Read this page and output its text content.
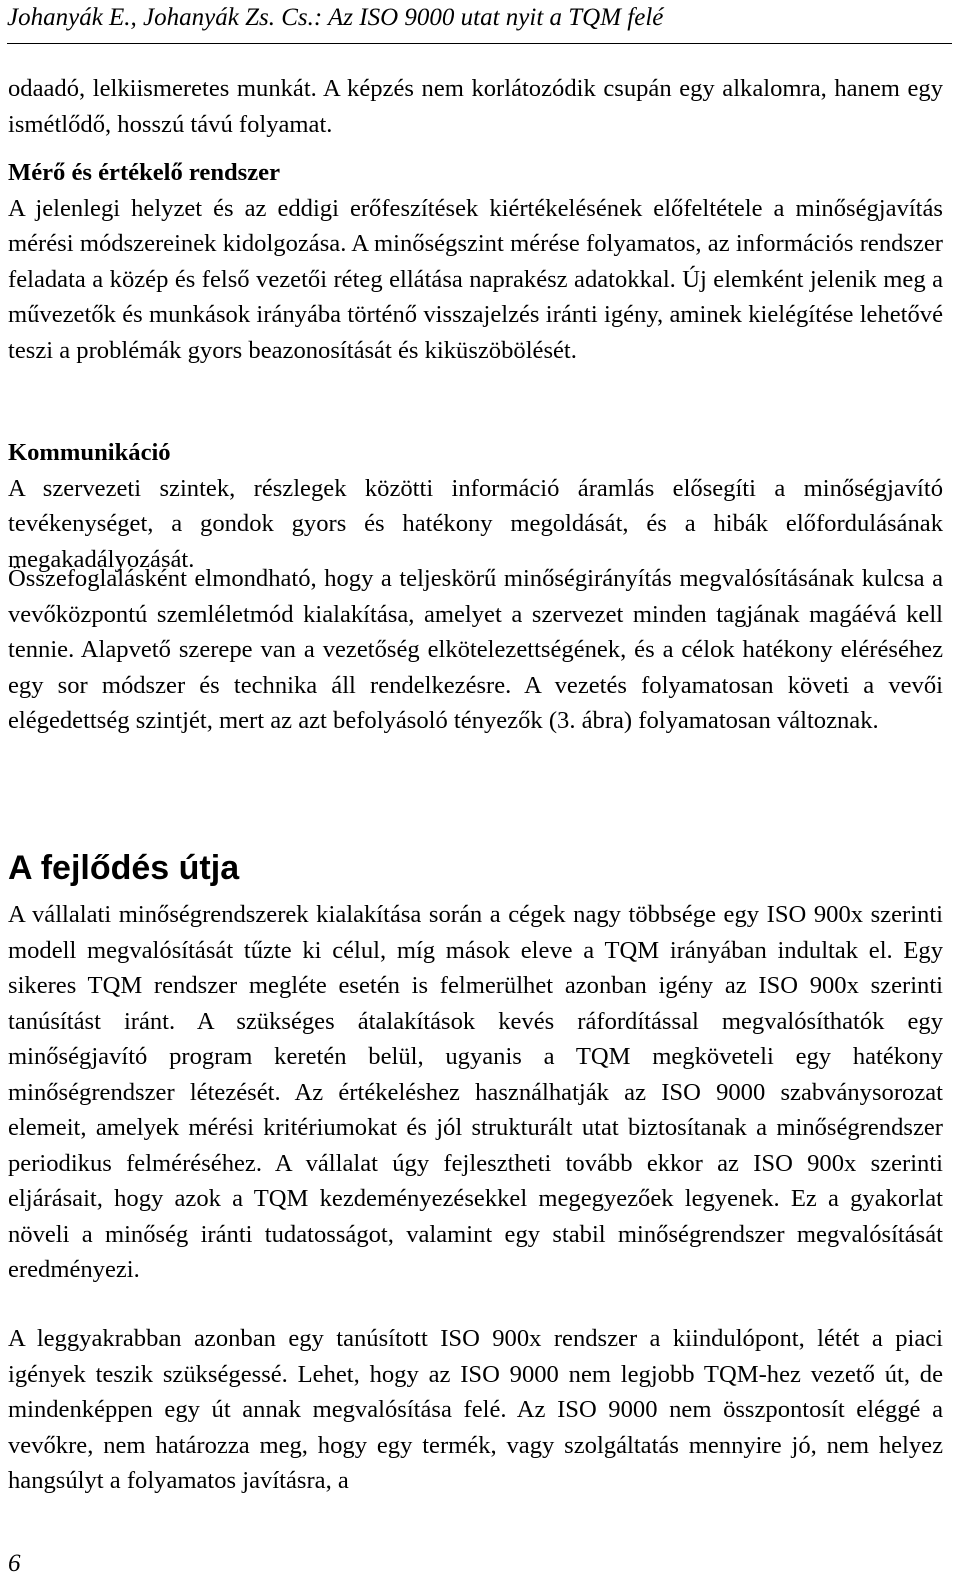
Johanyák E., Johanyák Zs. Cs.: Az ISO 9000 utat nyit a TQM felé

odaadó, lelkiismeretes munkát. A képzés nem korlátozódik csupán egy alkalomra, hanem egy ismétlődő, hosszú távú folyamat.

Mérő és értékelő rendszer

A jelenlegi helyzet és az eddigi erőfeszítések kiértékelésének előfeltétele a minőségjavítás mérési módszereinek kidolgozása. A minőségszint mérése folyamatos, az információs rendszer feladata a közép és felső vezetői réteg ellátása naprakész adatokkal. Új elemként jelenik meg a művezetők és munkások irányába történő visszajelzés iránti igény, aminek kielégítése lehetővé teszi a problémák gyors beazonosítását és kiküszöbölését.

Kommunikáció

A szervezeti szintek, részlegek közötti információ áramlás elősegíti a minőségjavító tevékenységet, a gondok gyors és hatékony megoldását, és a hibák előfordulásának megakadályozását.

Összefoglalásként elmondható, hogy a teljeskörű minőségirányítás megvalósításának kulcsa a vevőközpontú szemléletmód kialakítása, amelyet a szervezet minden tagjának magáévá kell tennie. Alapvető szerepe van a vezetőség elkötelezettségének, és a célok hatékony eléréséhez egy sor módszer és technika áll rendelkezésre. A vezetés folyamatosan követi a vevői elégedettség szintjét, mert az azt befolyásoló tényezők (3. ábra) folyamatosan változnak.

A fejlődés útja

A vállalati minőségrendszerek kialakítása során a cégek nagy többsége egy ISO 900x szerinti modell megvalósítását tűzte ki célul, míg mások eleve a TQM irányában indultak el. Egy sikeres TQM rendszer megléte esetén is felmerülhet azonban igény az ISO 900x szerinti tanúsítást iránt. A szükséges átalakítások kevés ráfordítással megvalósíthatók egy minőségjavító program keretén belül, ugyanis a TQM megköveteli egy hatékony minőségrendszer létezését. Az értékeléshez használhatják az ISO 9000 szabványsorozat elemeit, amelyek mérési kritériumokat és jól strukturált utat biztosítanak a minőségrendszer periodikus felméréséhez. A vállalat úgy fejlesztheti tovább ekkor az ISO 900x szerinti eljárásait, hogy azok a TQM kezdeményezésekkel megegyezőek legyenek. Ez a gyakorlat növeli a minőség iránti tudatosságot, valamint egy stabil minőségrendszer megvalósítását eredményezi.

A leggyakrabban azonban egy tanúsított ISO 900x rendszer a kiindulópont, létét a piaci igények teszik szükségessé. Lehet, hogy az ISO 9000 nem legjobb TQM-hez vezető út, de mindenképpen egy út annak megvalósítása felé. Az ISO 9000 nem összpontosít eléggé a vevőkre, nem határozza meg, hogy egy termék, vagy szolgáltatás mennyire jó, nem helyez hangsúlyt a folyamatos javításra, a

6
